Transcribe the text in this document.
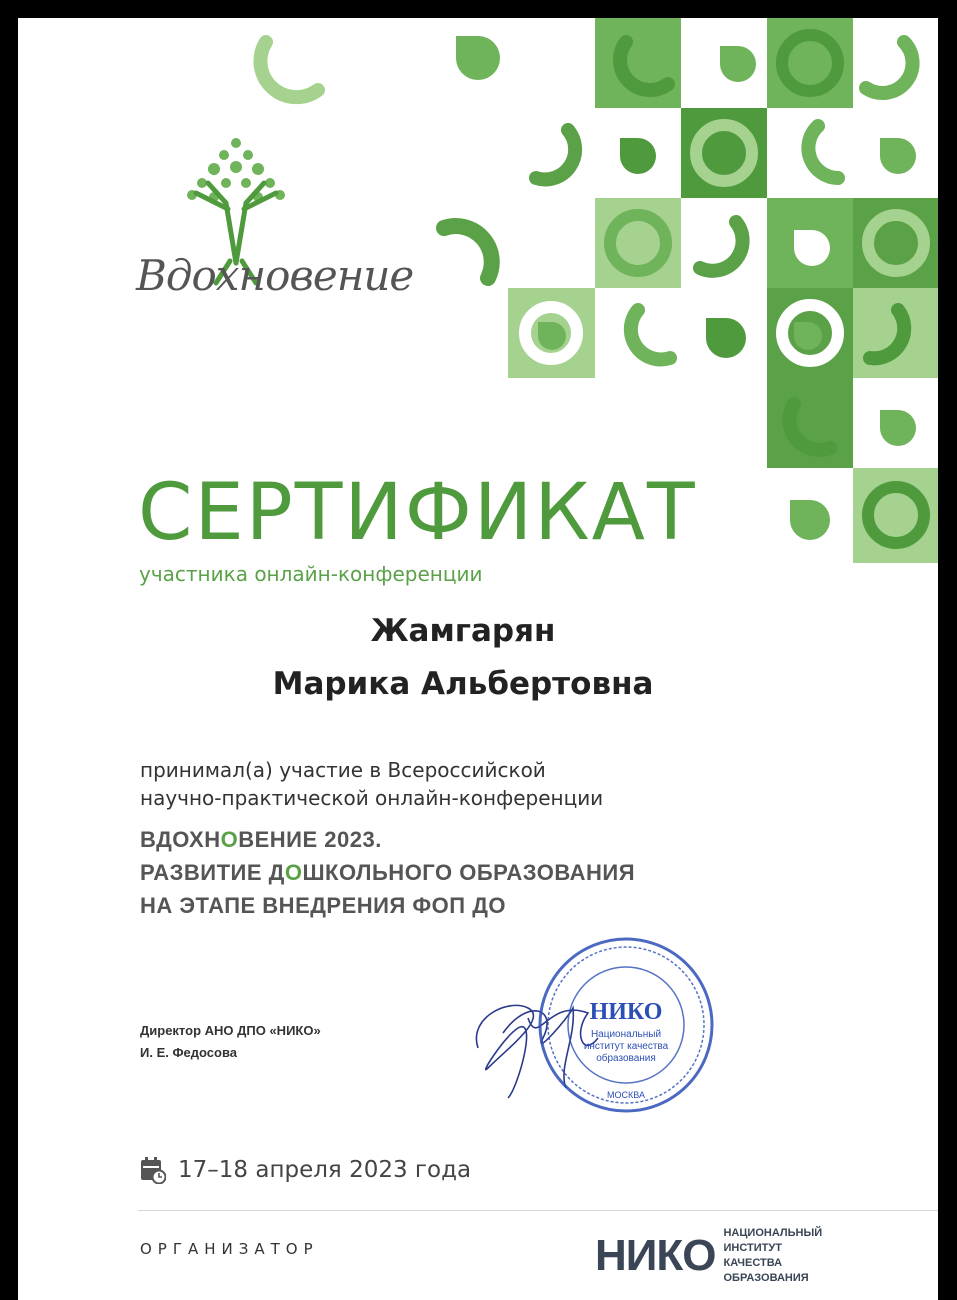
Вдохновение
СЕРТИФИКАТ
участника онлайн-конференции
Жамгарян
Марика Альбертовна
принимал(а) участие в Всероссийской
научно-практической онлайн-конференции
ВДОХНОВЕНИЕ 2023.
РАЗВИТИЕ ДОШКОЛЬНОГО ОБРАЗОВАНИЯ
НА ЭТАПЕ ВНЕДРЕНИЯ ФОП ДО
Директор АНО ДПО «НИКО»
И. Е. Федосова
НИКО
Национальный
институт качества
образования
МОСКВА
17–18 апреля 2023 года
ОРГАНИЗАТОР	НИКО НАЦИОНАЛЬНЫЙ ИНСТИТУТ
КАЧЕСТВА ОБРАЗОВАНИЯ
